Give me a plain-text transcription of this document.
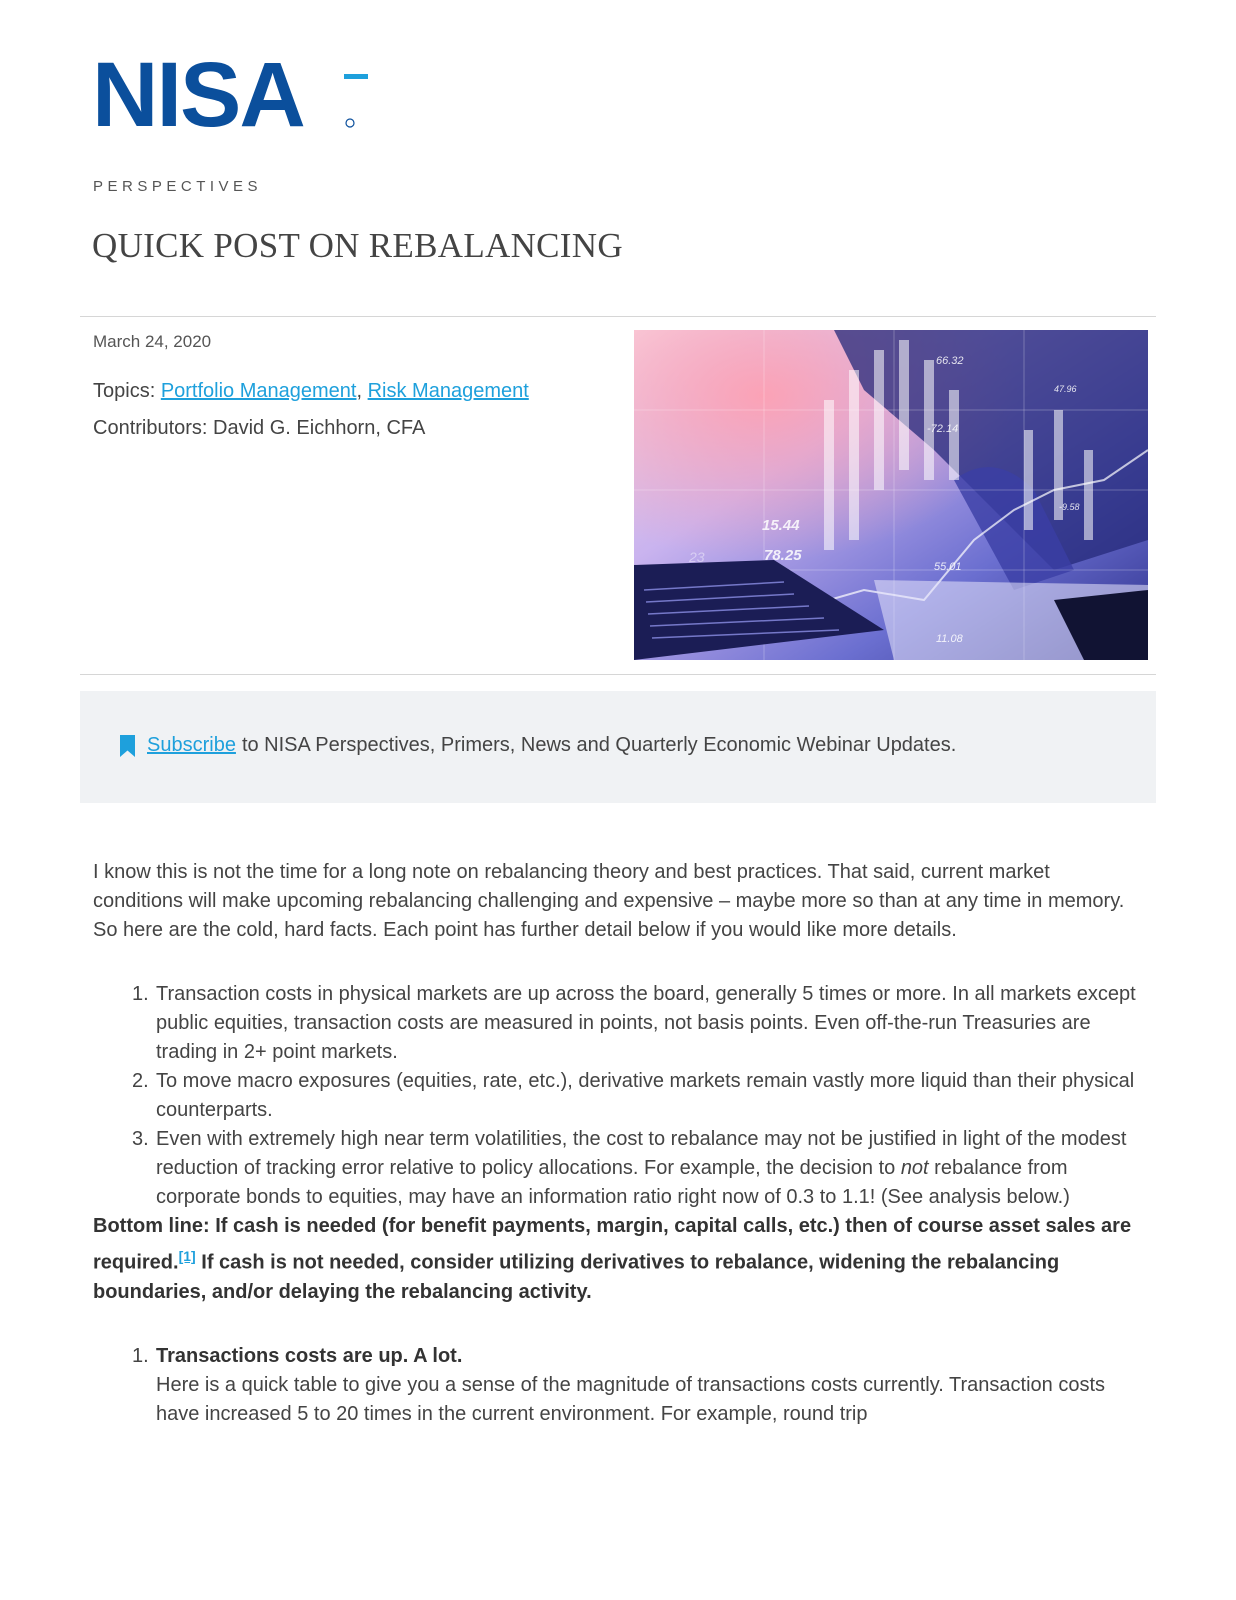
NISA
PERSPECTIVES
QUICK POST ON REBALANCING
March 24, 2020
Topics: Portfolio Management, Risk Management
Contributors: David G. Eichhorn, CFA
66.32
-72.14
15.44
78.25
55.01
11.08
47.96
-9.58
23
Subscribe to NISA Perspectives, Primers, News and Quarterly Economic Webinar Updates.

I know this is not the time for a long note on rebalancing theory and best practices. That said, current market conditions will make upcoming rebalancing challenging and expensive – maybe more so than at any time in memory. So here are the cold, hard facts. Each point has further detail below if you would like more details.

1. Transaction costs in physical markets are up across the board, generally 5 times or more. In all markets except public equities, transaction costs are measured in points, not basis points. Even off-the-run Treasuries are trading in 2+ point markets.
2. To move macro exposures (equities, rate, etc.), derivative markets remain vastly more liquid than their physical counterparts.
3. Even with extremely high near term volatilities, the cost to rebalance may not be justified in light of the modest reduction of tracking error relative to policy allocations. For example, the decision to not rebalance from corporate bonds to equities, may have an information ratio right now of 0.3 to 1.1! (See analysis below.)

Bottom line: If cash is needed (for benefit payments, margin, capital calls, etc.) then of course asset sales are required.[1] If cash is not needed, consider utilizing derivatives to rebalance, widening the rebalancing boundaries, and/or delaying the rebalancing activity.

1. Transactions costs are up. A lot.
Here is a quick table to give you a sense of the magnitude of transactions costs currently. Transaction costs have increased 5 to 20 times in the current environment. For example, round trip
